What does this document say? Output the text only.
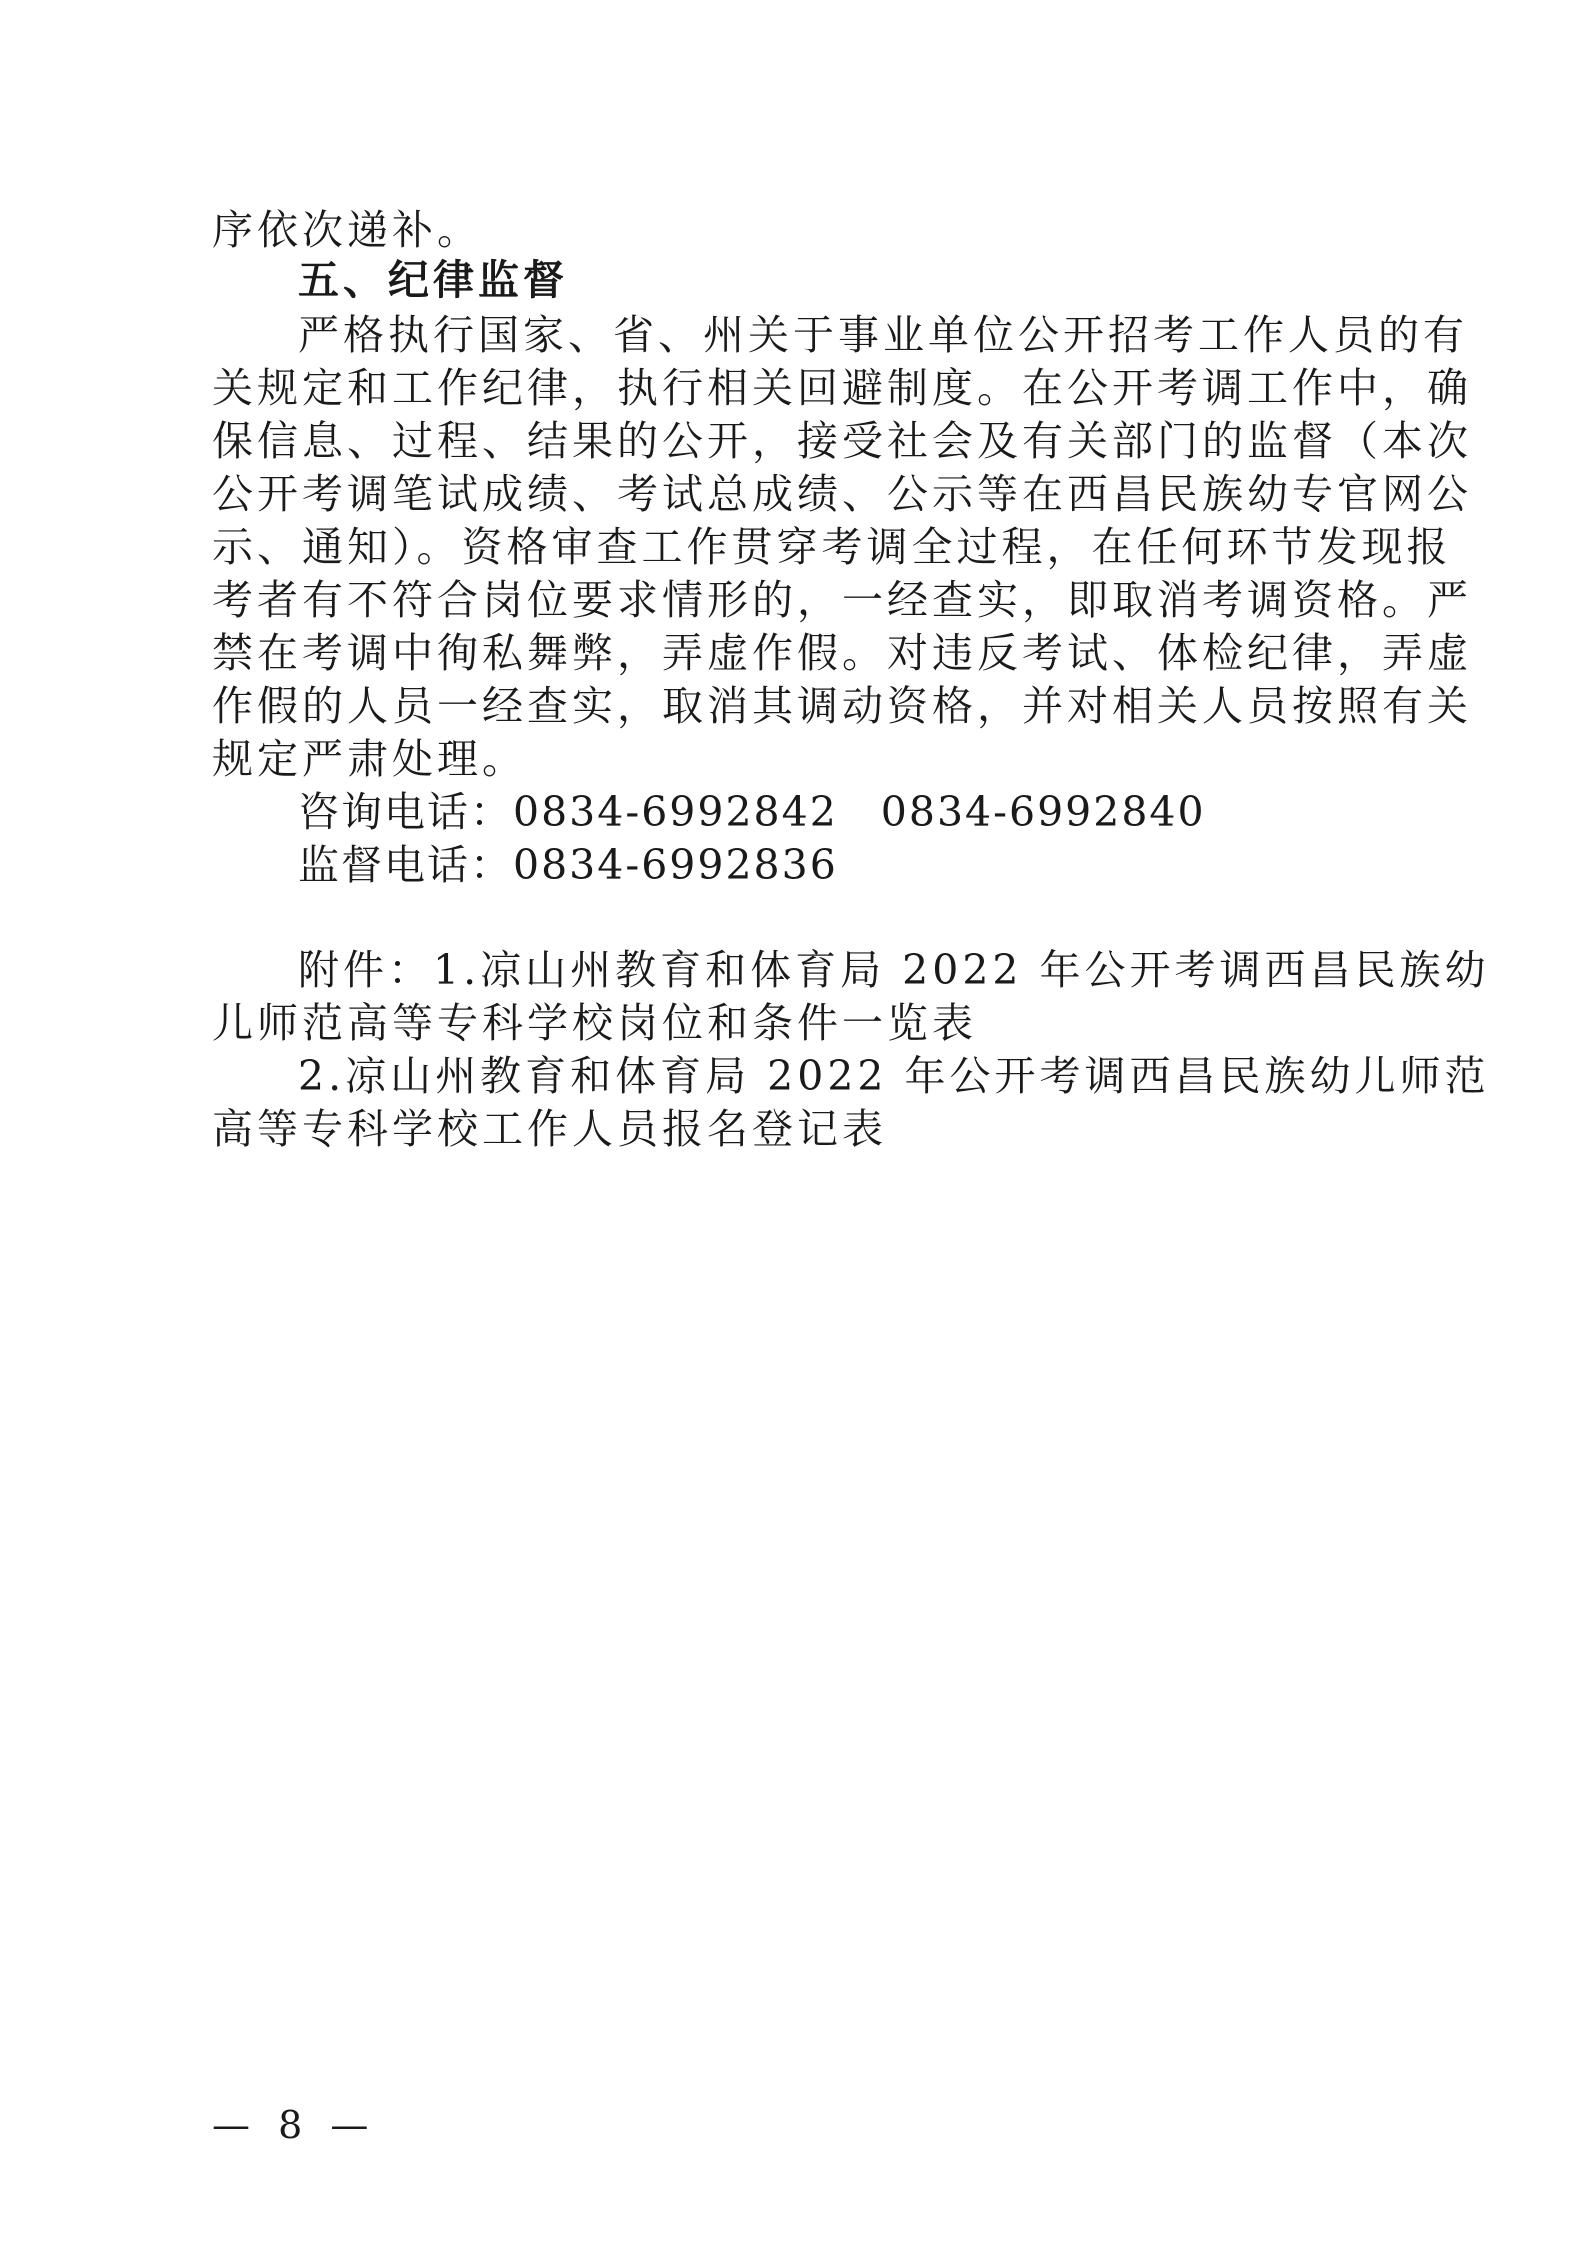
序依次递补。
五、纪律监督
严格执行国家、省、州关于事业单位公开招考工作人员的有
关规定和工作纪律，执行相关回避制度。在公开考调工作中，确
保信息、过程、结果的公开，接受社会及有关部门的监督（本次
公开考调笔试成绩、考试总成绩、公示等在西昌民族幼专官网公
示、通知）。资格审查工作贯穿考调全过程，在任何环节发现报
考者有不符合岗位要求情形的，一经查实，即取消考调资格。严
禁在考调中徇私舞弊，弄虚作假。对违反考试、体检纪律，弄虚
作假的人员一经查实，取消其调动资格，并对相关人员按照有关
规定严肃处理。
咨询电话：0834-6992842　0834-6992840
监督电话：0834-6992836
附件：1.凉山州教育和体育局 2022 年公开考调西昌民族幼
儿师范高等专科学校岗位和条件一览表
2.凉山州教育和体育局 2022 年公开考调西昌民族幼儿师范
高等专科学校工作人员报名登记表
— 8 —
